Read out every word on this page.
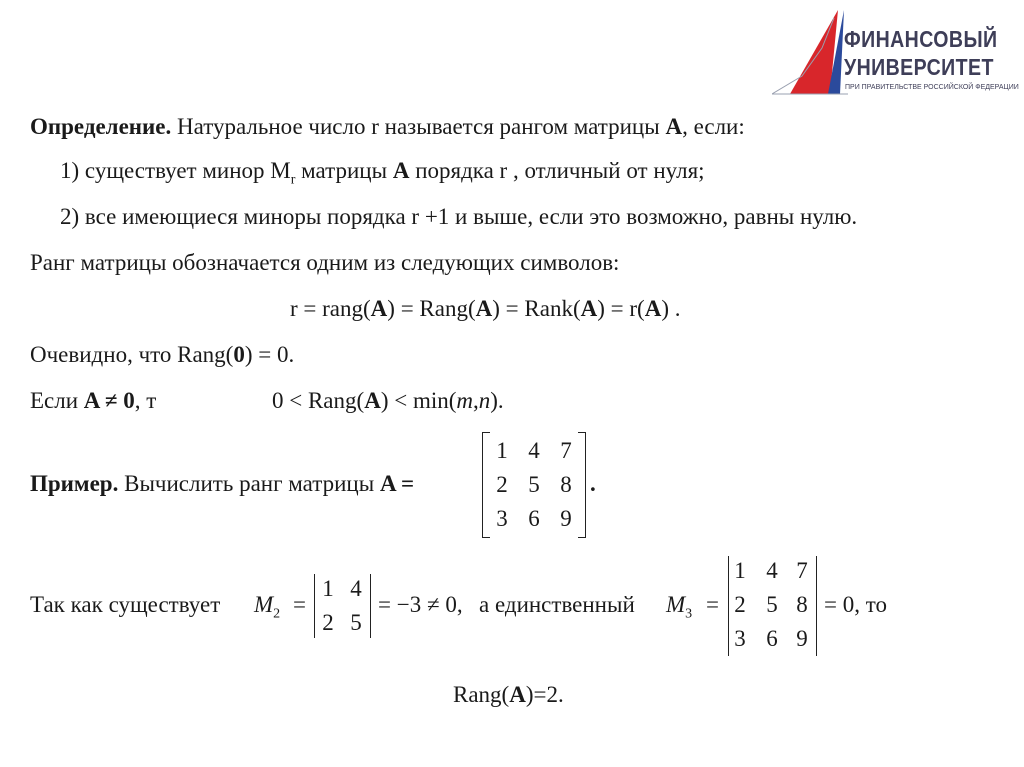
ФИНАНСОВЫЙ
УНИВЕРСИТЕТ
ПРИ ПРАВИТЕЛЬСТВЕ РОССИЙСКОЙ ФЕДЕРАЦИИ
Определение. Натуральное число r называется рангом матрицы A, если:
1) существует минор $M_r$ матрицы A порядка r , отличный от нуля;
2) все имеющиеся миноры порядка r +1 и выше, если это возможно, равны нулю.
Ранг матрицы обозначается одним из следующих символов:
r = rang(A) = Rang(A) = Rank(A) = r(A) .
Очевидно, что Rang(0) = 0.
Если A ≠ 0, т	0 < Rang(A) < min(m,n).
Пример. Вычислить ранг матрицы A =
1 4 7
2 5 8
3 6 9
.
Так как существует $M_2$ =
1 4
2 5
= −3 ≠ 0, а единственный $M_3$ =
1 4 7
2 5 8
3 6 9
= 0, то
Rang(A)=2.
